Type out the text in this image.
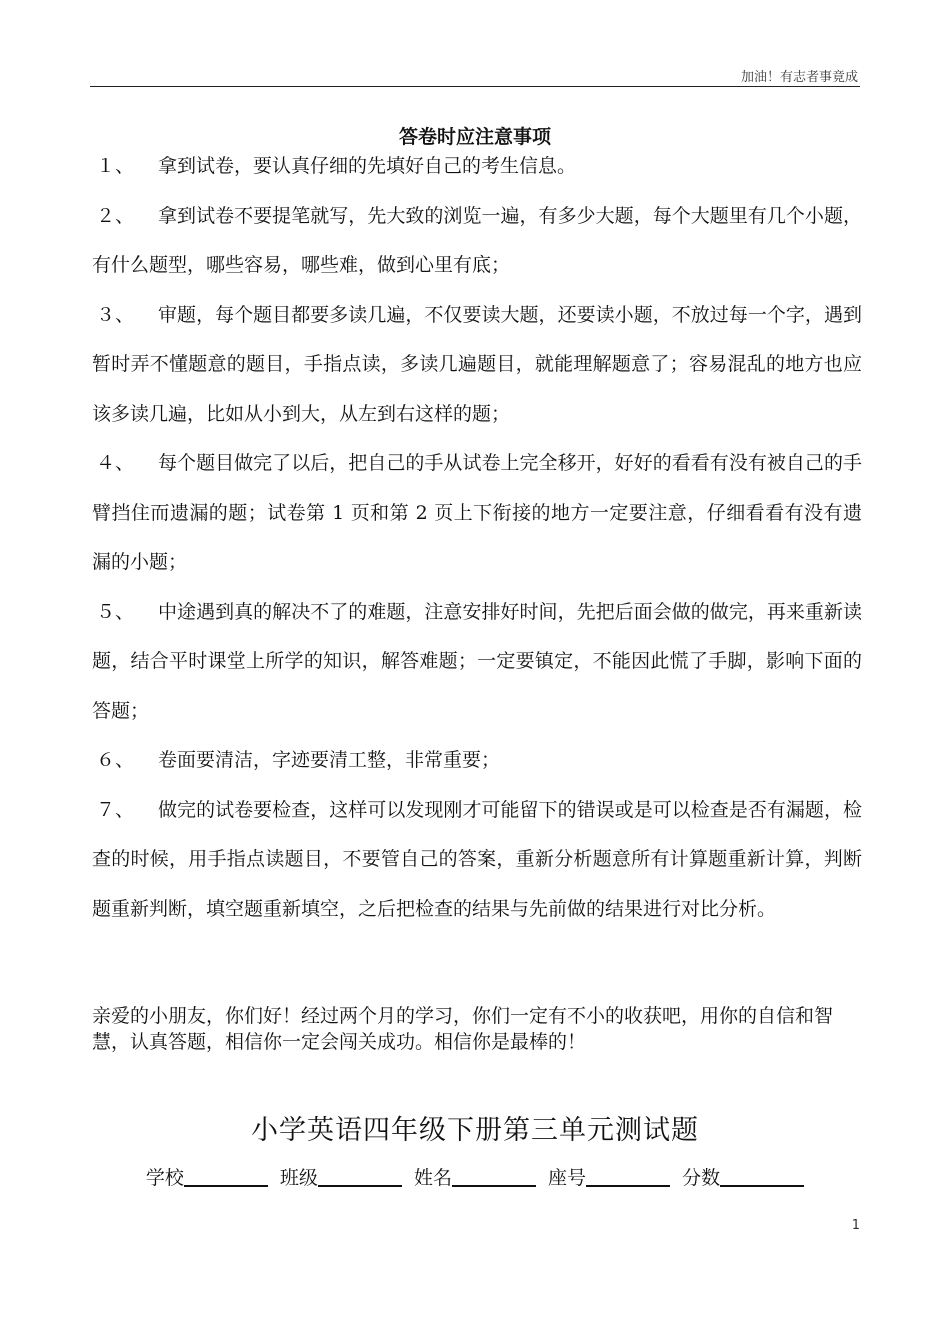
加油！有志者事竟成
答卷时应注意事项

１、 拿到试卷，要认真仔细的先填好自己的考生信息。

２、 拿到试卷不要提笔就写，先大致的浏览一遍，有多少大题，每个大题里有几个小题，有什么题型，哪些容易，哪些难，做到心里有底；

３、 审题，每个题目都要多读几遍，不仅要读大题，还要读小题，不放过每一个字，遇到暂时弄不懂题意的题目，手指点读，多读几遍题目，就能理解题意了；容易混乱的地方也应该多读几遍，比如从小到大，从左到右这样的题；

４、 每个题目做完了以后，把自己的手从试卷上完全移开，好好的看看有没有被自己的手臂挡住而遗漏的题；试卷第 1 页和第 2 页上下衔接的地方一定要注意，仔细看看有没有遗漏的小题；

５、 中途遇到真的解决不了的难题，注意安排好时间，先把后面会做的做完，再来重新读题，结合平时课堂上所学的知识，解答难题；一定要镇定，不能因此慌了手脚，影响下面的答题；

６、 卷面要清洁，字迹要清工整，非常重要；

７、 做完的试卷要检查，这样可以发现刚才可能留下的错误或是可以检查是否有漏题，检查的时候，用手指点读题目，不要管自己的答案，重新分析题意所有计算题重新计算，判断题重新判断，填空题重新填空，之后把检查的结果与先前做的结果进行对比分析。

亲爱的小朋友，你们好！经过两个月的学习，你们一定有不小的收获吧，用你的自信和智慧，认真答题，相信你一定会闯关成功。相信你是最棒的！
小学英语四年级下册第三单元测试题
学校	班级	姓名	座号	分数
1
